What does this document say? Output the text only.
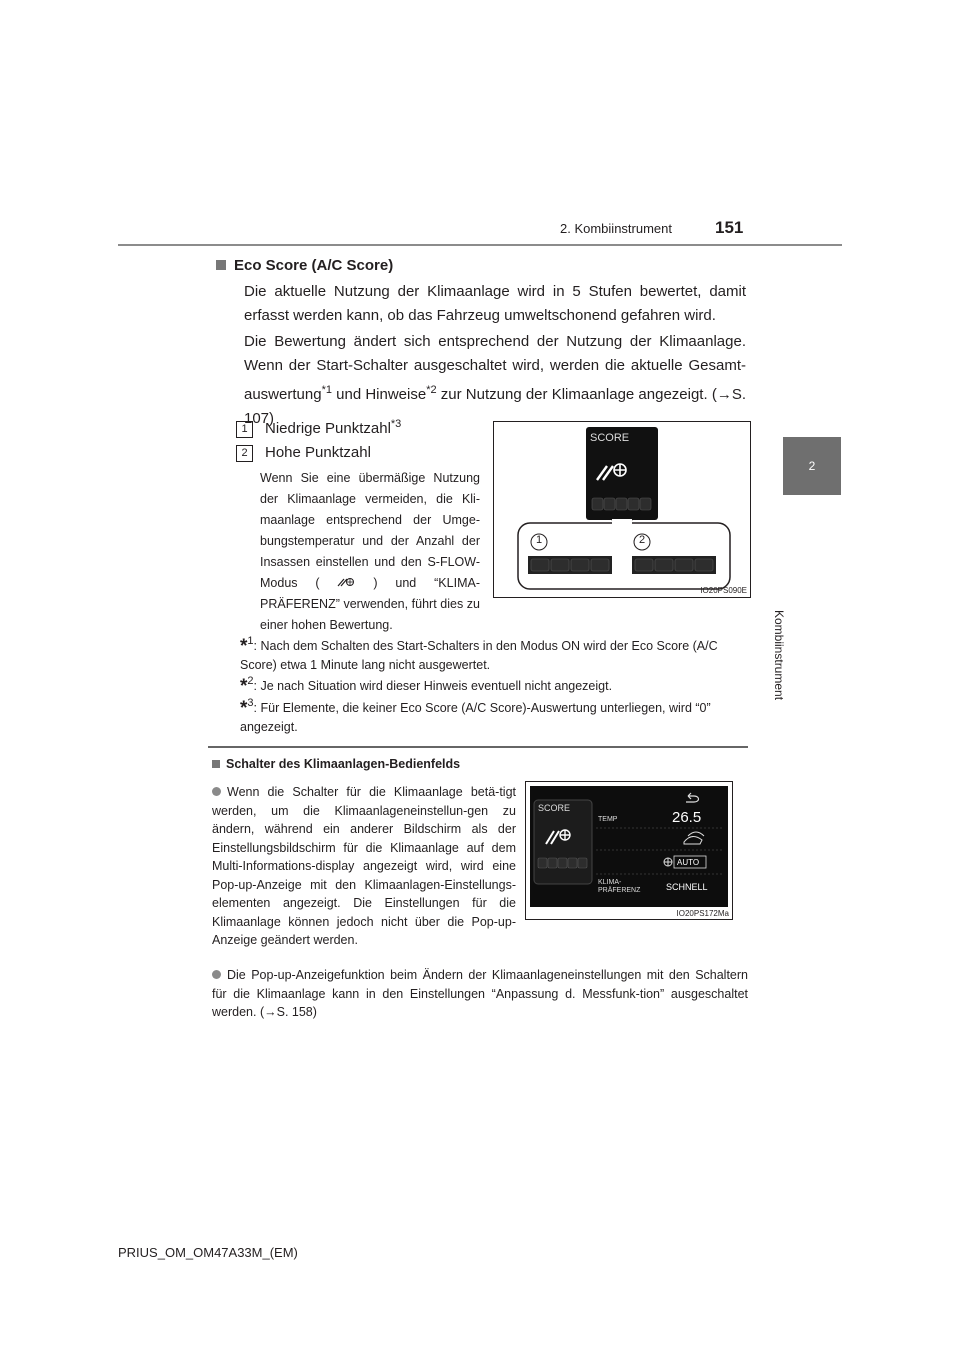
2. Kombiinstrument	151
2
Kombiinstrument
Eco Score (A/C Score)
Die aktuelle Nutzung der Klimaanlage wird in 5 Stufen bewertet, damit erfasst werden kann, ob das Fahrzeug umweltschonend gefahren wird.
Die Bewertung ändert sich entsprechend der Nutzung der Klimaanlage. Wenn der Start-Schalter ausgeschaltet wird, werden die aktuelle Gesamt-auswertung$^{*1}$ und Hinweise$^{*2}$ zur Nutzung der Klimaanlage angezeigt. (→S. 107)
1 Niedrige Punktzahl$^{*3}$
2 Hohe Punktzahl
Wenn Sie eine übermäßige Nutzung der Klimaanlage vermeiden, die Kli-maanlage entsprechend der Umge-bungstemperatur und der Anzahl der Insassen einstellen und den S-FLOW-Modus (	) und “KLIMA-PRÄFERENZ” verwenden, führt dies zu einer hohen Bewertung.
SCORE
1	2
IO20PS090E
*1: Nach dem Schalten des Start-Schalters in den Modus ON wird der Eco Score (A/C Score) etwa 1 Minute lang nicht ausgewertet.
*2: Je nach Situation wird dieser Hinweis eventuell nicht angezeigt.
*3: Für Elemente, die keiner Eco Score (A/C Score)-Auswertung unterliegen, wird “0” angezeigt.
Schalter des Klimaanlagen-Bedienfelds
Wenn die Schalter für die Klimaanlage betä-tigt werden, um die Klimaanlageneinstellun-gen zu ändern, während ein anderer Bildschirm als der Einstellungsbildschirm für die Klimaanlage auf dem Multi-Informations-display angezeigt wird, wird eine Pop-up-Anzeige mit den Klimaanlagen-Einstellungs-elementen angezeigt. Die Einstellungen für die Klimaanlage können jedoch nicht über die Pop-up-Anzeige geändert werden.
SCORE
TEMP	26.5
AUTO
KLIMA-
PRÄFERENZ	SCHNELL
IO20PS172Ma
Die Pop-up-Anzeigefunktion beim Ändern der Klimaanlageneinstellungen mit den Schaltern für die Klimaanlage kann in den Einstellungen “Anpassung d. Messfunk-tion” ausgeschaltet werden. (→S. 158)
PRIUS_OM_OM47A33M_(EM)
